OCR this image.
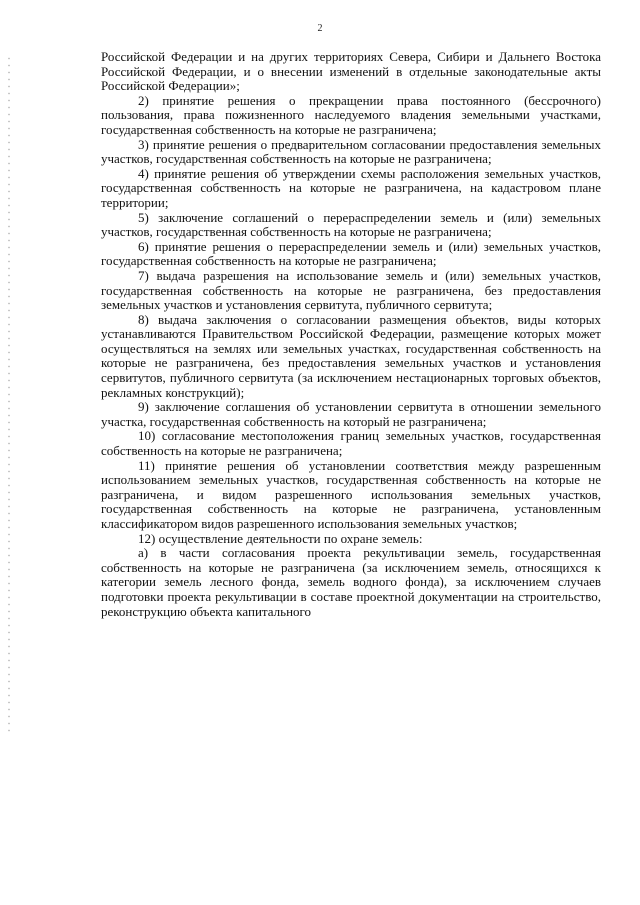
2

Российской Федерации и на других территориях Севера, Сибири и Дальнего Востока Российской Федерации, и о внесении изменений в отдельные законодательные акты Российской Федерации»;

2) принятие решения о прекращении права постоянного (бессрочного) пользования, права пожизненного наследуемого владения земельными участками, государственная собственность на которые не разграничена;

3) принятие решения о предварительном согласовании предоставления земельных участков, государственная собственность на которые не разграничена;

4) принятие решения об утверждении схемы расположения земельных участков, государственная собственность на которые не разграничена, на кадастровом плане территории;

5) заключение соглашений о перераспределении земель и (или) земельных участков, государственная собственность на которые не разграничена;

6) принятие решения о перераспределении земель и (или) земельных участков, государственная собственность на которые не разграничена;

7) выдача разрешения на использование земель и (или) земельных участков, государственная собственность на которые не разграничена, без предоставления земельных участков и установления сервитута, публичного сервитута;

8) выдача заключения о согласовании размещения объектов, виды которых устанавливаются Правительством Российской Федерации, размещение которых может осуществляться на землях или земельных участках, государственная собственность на которые не разграничена, без предоставления земельных участков и установления сервитутов, публичного сервитута (за исключением нестационарных торговых объектов, рекламных конструкций);

9) заключение соглашения об установлении сервитута в отношении земельного участка, государственная собственность на который не разграничена;

10) согласование местоположения границ земельных участков, государственная собственность на которые не разграничена;

11) принятие решения об установлении соответствия между разрешенным использованием земельных участков, государственная собственность на которые не разграничена, и видом разрешенного использования земельных участков, государственная собственность на которые не разграничена, установленным классификатором видов разрешенного использования земельных участков;

12) осуществление деятельности по охране земель:

а) в части согласования проекта рекультивации земель, государственная собственность на которые не разграничена (за исключением земель, относящихся к категории земель лесного фонда, земель водного фонда), за исключением случаев подготовки проекта рекультивации в составе проектной документации на строительство, реконструкцию объекта капитального
